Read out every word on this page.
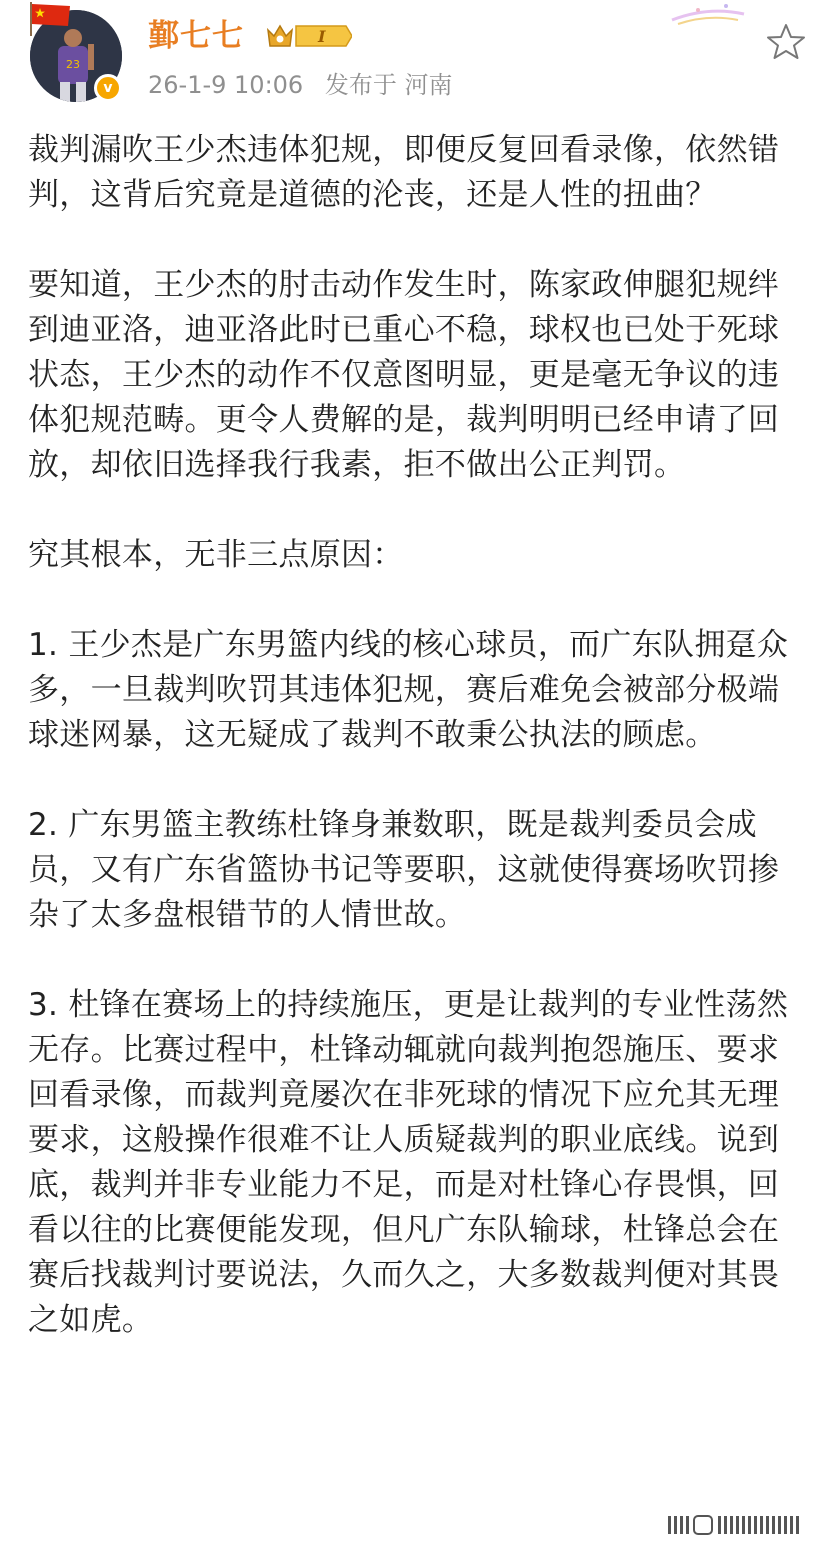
23
v
鄞七七	I
26-1-9 10:06 发布于 河南

裁判漏吹王少杰违体犯规，即便反复回看录像，依然错判，这背后究竟是道德的沦丧，还是人性的扭曲？

要知道，王少杰的肘击动作发生时，陈家政伸腿犯规绊到迪亚洛，迪亚洛此时已重心不稳，球权也已处于死球状态，王少杰的动作不仅意图明显，更是毫无争议的违体犯规范畴。更令人费解的是，裁判明明已经申请了回放，却依旧选择我行我素，拒不做出公正判罚。

究其根本，无非三点原因：

1. 王少杰是广东男篮内线的核心球员，而广东队拥趸众多，一旦裁判吹罚其违体犯规，赛后难免会被部分极端球迷网暴，这无疑成了裁判不敢秉公执法的顾虑。

2. 广东男篮主教练杜锋身兼数职，既是裁判委员会成员，又有广东省篮协书记等要职，这就使得赛场吹罚掺杂了太多盘根错节的人情世故。

3. 杜锋在赛场上的持续施压，更是让裁判的专业性荡然无存。比赛过程中，杜锋动辄就向裁判抱怨施压、要求回看录像，而裁判竟屡次在非死球的情况下应允其无理要求，这般操作很难不让人质疑裁判的职业底线。说到底，裁判并非专业能力不足，而是对杜锋心存畏惧，回看以往的比赛便能发现，但凡广东队输球，杜锋总会在赛后找裁判讨要说法，久而久之，大多数裁判便对其畏之如虎。
